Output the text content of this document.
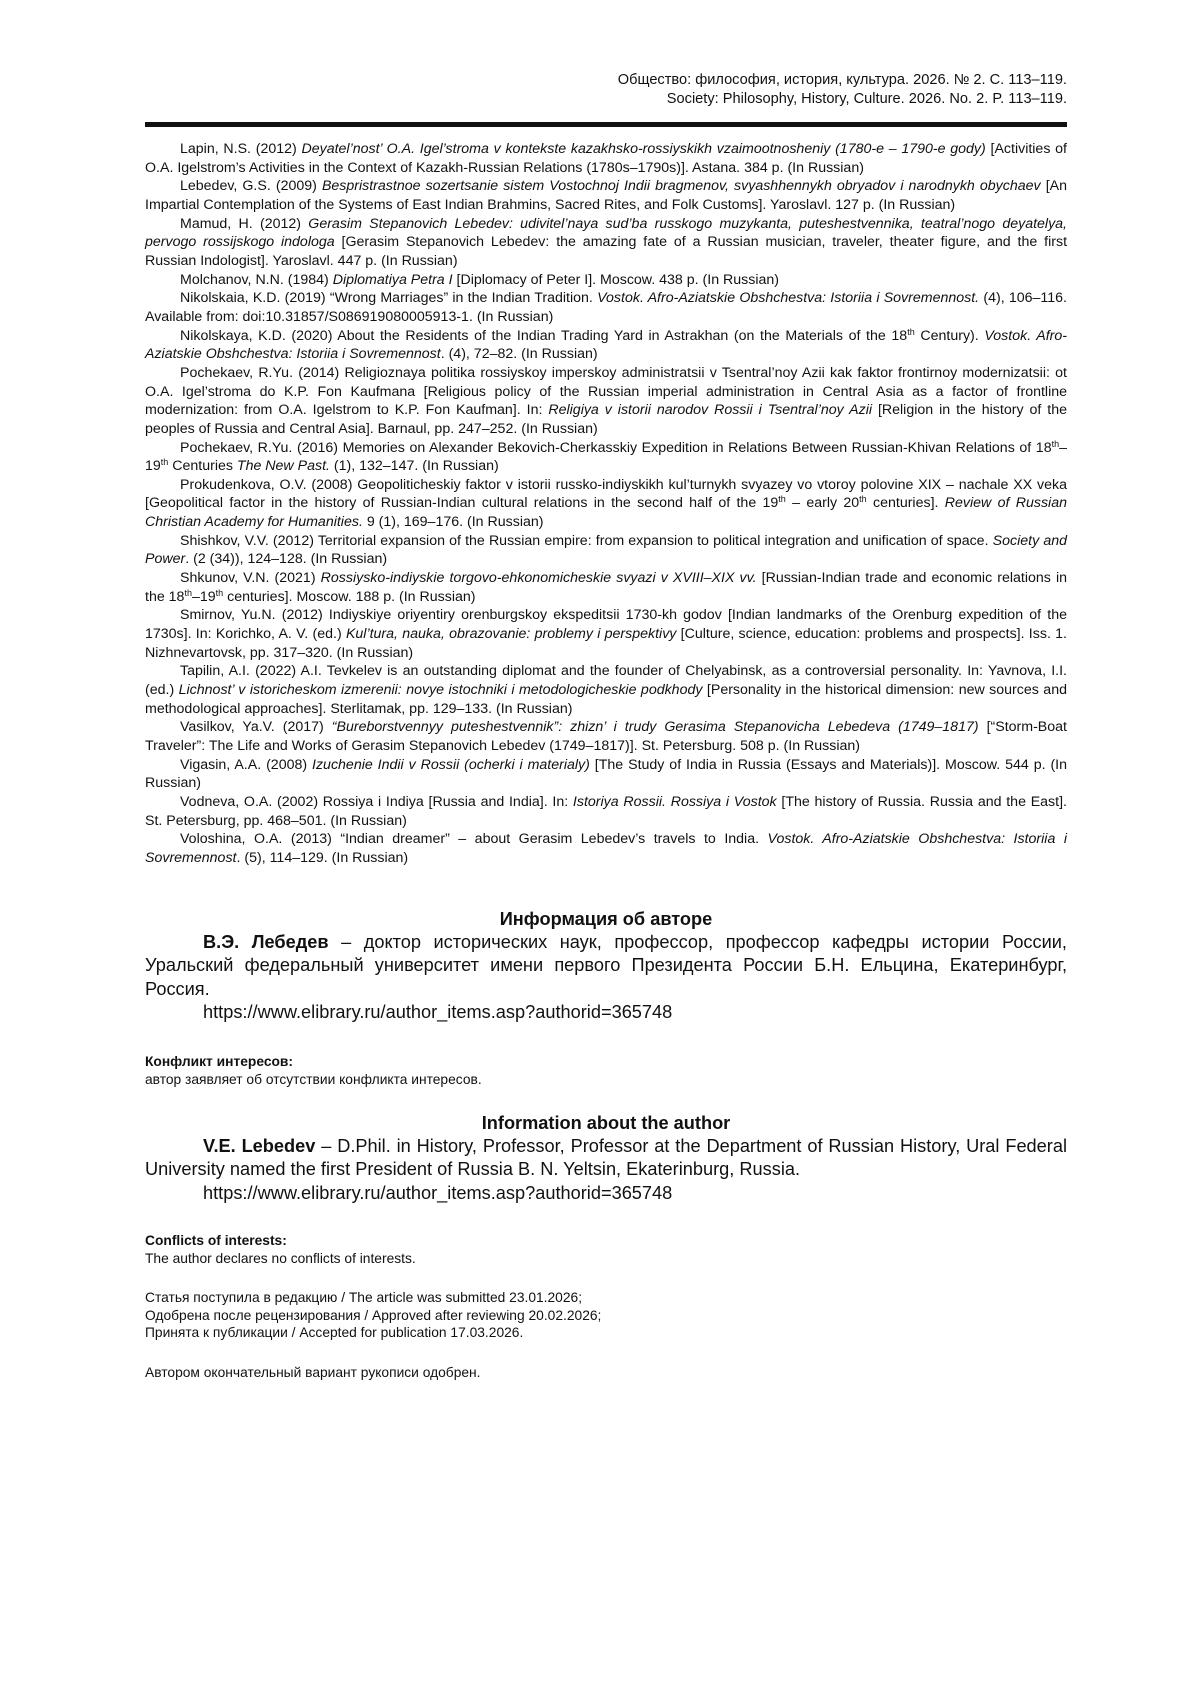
Общество: философия, история, культура. 2026. № 2. С. 113–119.
Society: Philosophy, History, Culture. 2026. No. 2. P. 113–119.

Lapin, N.S. (2012) Deyatel’nost’ O.A. Igel’stroma v kontekste kazakhsko-rossiyskikh vzaimootnosheniy (1780-e – 1790-e gody) [Activities of O.A. Igelstrom’s Activities in the Context of Kazakh-Russian Relations (1780s–1790s)]. Astana. 384 p. (In Russian)

Lebedev, G.S. (2009) Bespristrastnoe sozertsanie sistem Vostochnoj Indii bragmenov, svyashhennykh obryadov i narodnykh obychaev [An Impartial Contemplation of the Systems of East Indian Brahmins, Sacred Rites, and Folk Customs]. Yaroslavl. 127 p. (In Russian)

Mamud, H. (2012) Gerasim Stepanovich Lebedev: udivitel’naya sud’ba russkogo muzykanta, puteshestvennika, teatral’nogo deyatelya, pervogo rossijskogo indologa [Gerasim Stepanovich Lebedev: the amazing fate of a Russian musician, traveler, theater figure, and the first Russian Indologist]. Yaroslavl. 447 p. (In Russian)

Molchanov, N.N. (1984) Diplomatiya Petra I [Diplomacy of Peter I]. Moscow. 438 p. (In Russian)

Nikolskaia, K.D. (2019) “Wrong Marriages” in the Indian Tradition. Vostok. Afro-Aziatskie Obshchestva: Istoriia i Sovremennost. (4), 106–116. Available from: doi:10.31857/S086919080005913-1. (In Russian)

Nikolskaya, K.D. (2020) About the Residents of the Indian Trading Yard in Astrakhan (on the Materials of the 18th Century). Vostok. Afro-Aziatskie Obshchestva: Istoriia i Sovremennost. (4), 72–82. (In Russian)

Pochekaev, R.Yu. (2014) Religioznaya politika rossiyskoy imperskoy administratsii v Tsentral’noy Azii kak faktor frontirnoy modernizatsii: ot O.A. Igel’stroma do K.P. Fon Kaufmana [Religious policy of the Russian imperial administration in Central Asia as a factor of frontline modernization: from O.A. Igelstrom to K.P. Fon Kaufman]. In: Religiya v istorii narodov Rossii i Tsentral’noy Azii [Religion in the history of the peoples of Russia and Central Asia]. Barnaul, pp. 247–252. (In Russian)

Pochekaev, R.Yu. (2016) Memories on Alexander Bekovich-Cherkasskiy Expedition in Relations Between Russian-Khivan Relations of 18th–19th Centuries The New Past. (1), 132–147. (In Russian)

Prokudenkova, O.V. (2008) Geopoliticheskiy faktor v istorii russko-indiyskikh kul’turnykh svyazey vo vtoroy polovine XIX – nachale XX veka [Geopolitical factor in the history of Russian-Indian cultural relations in the second half of the 19th – early 20th centuries]. Review of Russian Christian Academy for Humanities. 9 (1), 169–176. (In Russian)

Shishkov, V.V. (2012) Territorial expansion of the Russian empire: from expansion to political integration and unification of space. Society and Power. (2 (34)), 124–128. (In Russian)

Shkunov, V.N. (2021) Rossiysko-indiyskie torgovo-ehkonomicheskie svyazi v XVIII–XIX vv. [Russian-Indian trade and economic relations in the 18th–19th centuries]. Moscow. 188 p. (In Russian)

Smirnov, Yu.N. (2012) Indiyskiye oriyentiry orenburgskoy ekspeditsii 1730-kh godov [Indian landmarks of the Orenburg expedition of the 1730s]. In: Korichko, A. V. (ed.) Kul’tura, nauka, obrazovanie: problemy i perspektivy [Culture, science, education: problems and prospects]. Iss. 1. Nizhnevartovsk, pp. 317–320. (In Russian)

Tapilin, A.I. (2022) A.I. Tevkelev is an outstanding diplomat and the founder of Chelyabinsk, as a controversial personality. In: Yavnova, I.I. (ed.) Lichnost’ v istoricheskom izmerenii: novye istochniki i metodologicheskie podkhody [Personality in the historical dimension: new sources and methodological approaches]. Sterlitamak, pp. 129–133. (In Russian)

Vasilkov, Ya.V. (2017) “Bureborstvennyy puteshestvennik”: zhizn’ i trudy Gerasima Stepanovicha Lebedeva (1749–1817) [“Storm-Boat Traveler”: The Life and Works of Gerasim Stepanovich Lebedev (1749–1817)]. St. Petersburg. 508 p. (In Russian)

Vigasin, A.A. (2008) Izuchenie Indii v Rossii (ocherki i materialy) [The Study of India in Russia (Essays and Materials)]. Moscow. 544 p. (In Russian)

Vodneva, O.A. (2002) Rossiya i Indiya [Russia and India]. In: Istoriya Rossii. Rossiya i Vostok [The history of Russia. Russia and the East]. St. Petersburg, pp. 468–501. (In Russian)

Voloshina, O.A. (2013) “Indian dreamer” – about Gerasim Lebedev’s travels to India. Vostok. Afro-Aziatskie Obshchestva: Istoriia i Sovremennost. (5), 114–129. (In Russian)

Информация об авторе

В.Э. Лебедев – доктор исторических наук, профессор, профессор кафедры истории России, Уральский федеральный университет имени первого Президента России Б.Н. Ельцина, Екатеринбург, Россия.

https://www.elibrary.ru/author_items.asp?authorid=365748

Конфликт интересов:

автор заявляет об отсутствии конфликта интересов.

Information about the author

V.E. Lebedev – D.Phil. in History, Professor, Professor at the Department of Russian History, Ural Federal University named the first President of Russia B. N. Yeltsin, Ekaterinburg, Russia.

https://www.elibrary.ru/author_items.asp?authorid=365748

Conflicts of interests:

The author declares no conflicts of interests.

Статья поступила в редакцию / The article was submitted 23.01.2026;

Одобрена после рецензирования / Approved after reviewing 20.02.2026;

Принята к публикации / Accepted for publication 17.03.2026.

Автором окончательный вариант рукописи одобрен.
